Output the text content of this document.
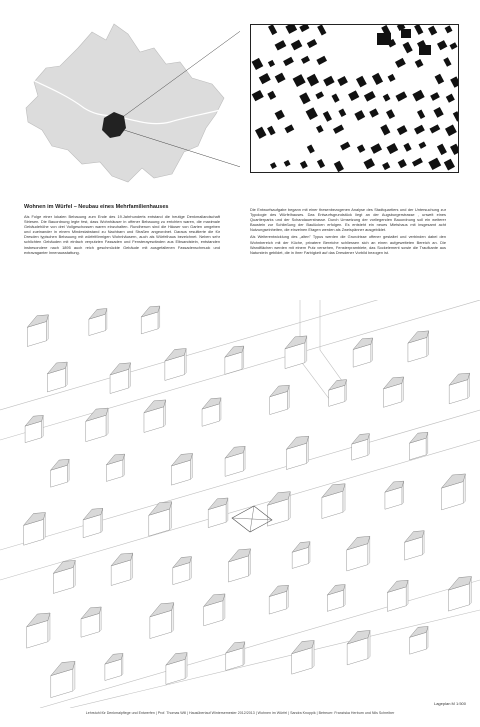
Wohnen im Würfel – Neubau eines Mehrfamilienhauses

Als Folge einer lokalen Bebauung zum Ende des 19.Jahrhunderts entstand die heutige Denkmallandschaft Striesen. Die Bauordnung legte fest, dass Wohnhäuser in offener Bebauung zu errichten waren, die maximale Gebäudehöhe von drei Vollgeschossen waren einzuhalten. Rundherum sind die Häuser von Garten umgeben und zueinander in einem Mindestabstand zu Nachbarn und Straßen angeordnet. Daraus resultierte die für Dresden typischen Bebauung mit würfelförmigen Wohnhäusern, auch als Würfelhaus bezeichnet. Neben sehr schlichten Gebäuden mit einfach verputzten Fassaden und Fensterayewänden aus Elbsandstein, entstanden insbesondere nach 1895 auch reich geschmückte Gebäude mit ausgefallenen Fassadenschmuck und extravaganter Innenausstattung.

Die Entwurfsaufgabe begann mit einer thesenbezogenen Analyse des Stadtquartiers und der Untersuchung zur Typologie des Würfelhauses. Das Entwurfsgrundstück liegt an der Augsburgerstrasse , unweit eines Quartierparks und der Schandauerstrasse. Durch Umsetzung der vorliegenden Bauordnung soll ein weiterer Baustein zur Schließung der Baulücken erfolgen. Es entsteht ein neues Mietshaus mit insgesamt acht Nutzungseinheiten, die einzelnen Etagen werden als Zweispänner ausgebildet.

Als Weiterentwicklung des „alten" Typus werden die Grundrisse offener gestaltet und verbinden dabei den Wohnbereich mit der Küche, privatere Bereiche schliessen sich an einen aufgeweiteten Bereich an. Die Wandflächen werden mit einem Putz versehen, Fensterprambiete, das Sockelement sowie die Traufkante aus Naturstein gebildet, die in ihrer Farbigkeit auf das Dresdener Vorbild bezogen ist.

Lageplan M 1:500
Lehrstuhl für Denkmalpflege und Entwerfen | Prof. Thomas Will | Hausübertauf Wintersemester 2012/2013 | Wohnen im Würfel | Sandra Knoppik | Betreuer: Franziska Herburn und Nils Schreiber
